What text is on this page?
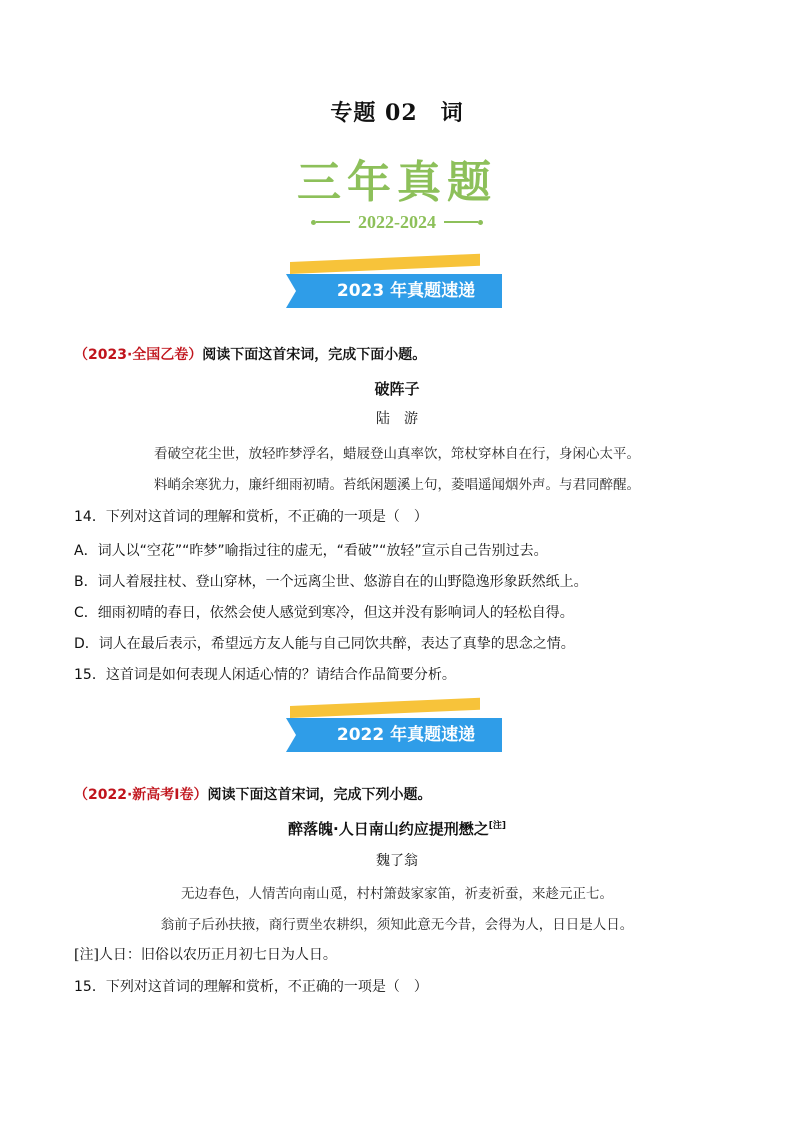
专题 02　词
三年真题
2022-2024
2023 年真题速递
（2023·全国乙卷）阅读下面这首宋词，完成下面小题。
破阵子
陆　游
看破空花尘世，放轻昨梦浮名，蜡屐登山真率饮，筇杖穿林自在行，身闲心太平。
料峭余寒犹力，廉纤细雨初晴。苔纸闲题溪上句，菱唱遥闻烟外声。与君同醉醒。
14．下列对这首词的理解和赏析，不正确的一项是（　）
A．词人以“空花”“昨梦”喻指过往的虚无，“看破”“放轻”宣示自己告别过去。
B．词人着屐拄杖、登山穿林，一个远离尘世、悠游自在的山野隐逸形象跃然纸上。
C．细雨初晴的春日，依然会使人感觉到寒冷，但这并没有影响词人的轻松自得。
D．词人在最后表示，希望远方友人能与自己同饮共醉，表达了真挚的思念之情。
15．这首词是如何表现人闲适心情的？请结合作品简要分析。
2022 年真题速递
（2022·新高考Ⅰ卷）阅读下面这首宋词，完成下列小题。
醉落魄·人日南山约应提刑懋之[注]
魏了翁
无边春色，人情苦向南山觅，村村箫鼓家家笛，祈麦祈蚕，来趁元正七。
翁前子后孙扶掖，商行贾坐农耕织，须知此意无今昔，会得为人，日日是人日。
[注]人日：旧俗以农历正月初七日为人日。
15．下列对这首词的理解和赏析，不正确的一项是（　）
